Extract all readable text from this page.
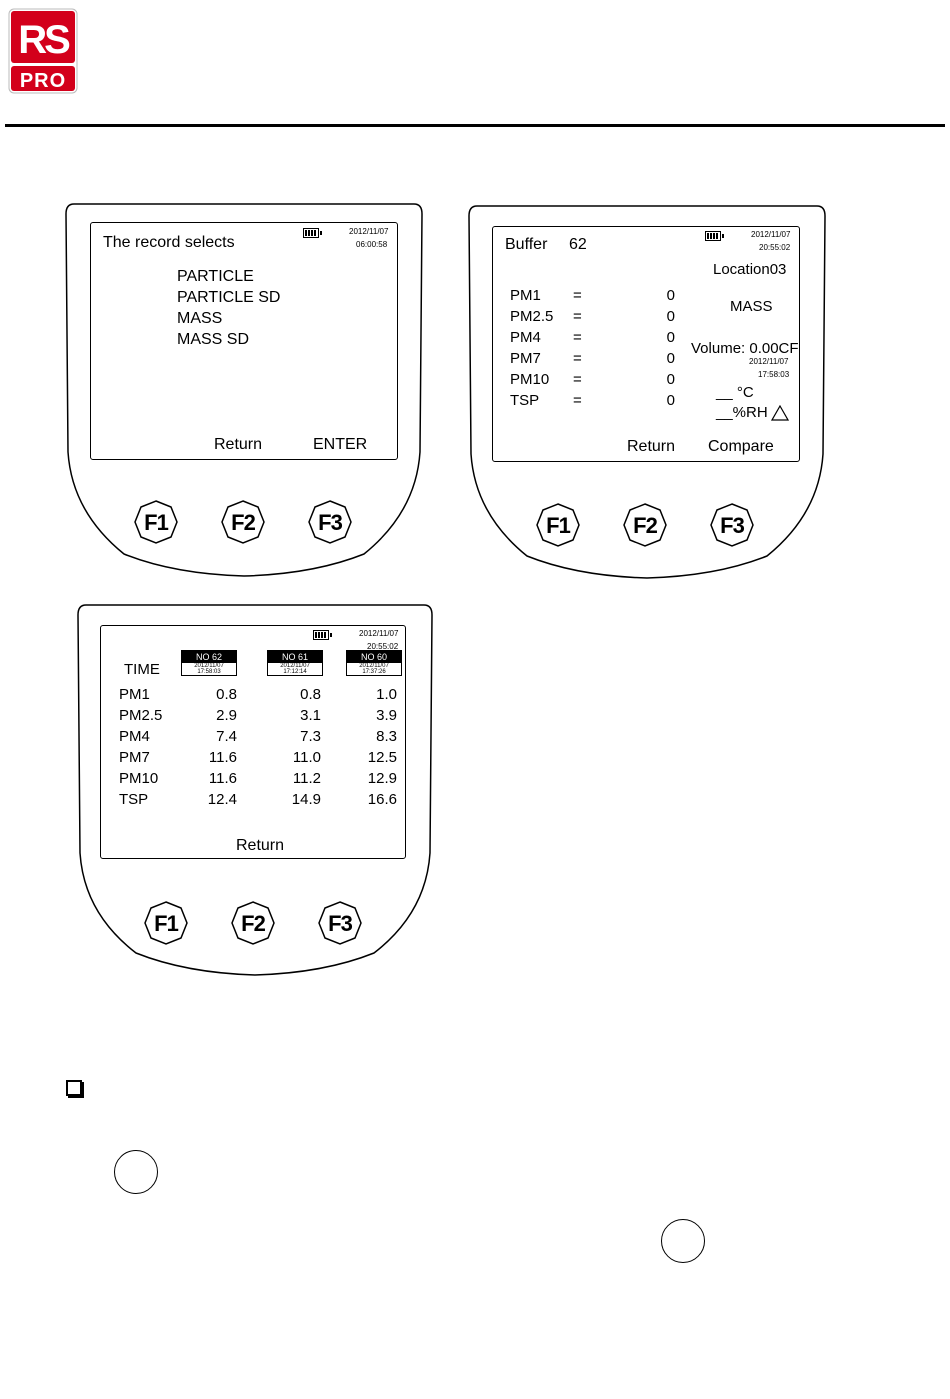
RS
PRO
The record selects
2012/11/07
06:00:58
PARTICLE
PARTICLE SD
MASS
MASS SD
Return	ENTER
F1	F2	F3
Buffer 62
2012/11/07
20:55:02
Location03
PM1 =	0
PM2.5 =	0
PM4 =	0
PM7 =	0
PM10 =	0
TSP =	0
MASS
Volume: 0.00CF
2012/11/07
17:58:03
__ °C
__%RH
Return Compare
F1	F2	F3
2012/11/07
20:55:02
TIME
NO 62
2012/11/07
17:58:03
NO 61
2012/11/07
17:12:14
NO 60
2012/11/07
17:37:26
PM1	0.8	0.8	1.0
PM2.5	2.9	3.1	3.9
PM4	7.4	7.3	8.3
PM7	11.6	11.0	12.5
PM10	11.6	11.2	12.9
TSP	12.4	14.9	16.6
Return
F1	F2	F3
